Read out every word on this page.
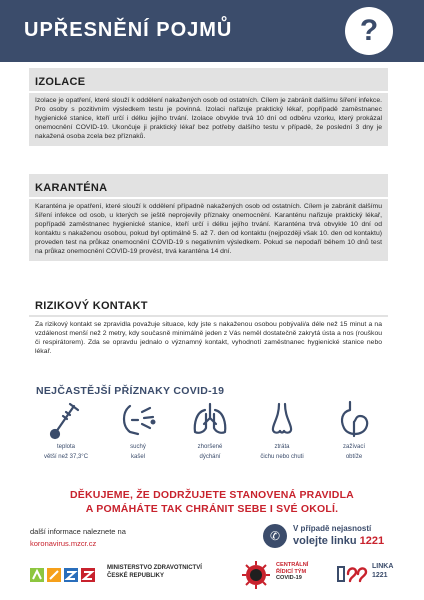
UPŘESNĚNÍ POJMŮ	?
IZOLACE
Izolace je opatření, které slouží k oddělení nakažených osob od ostatních. Cílem je zabránit dalšímu šíření infekce. Pro osoby s pozitivním výsledkem testu je povinná. Izolaci nařizuje praktický lékař, popřípadě zaměstnanec hygienické stanice, kteří určí i délku jejího trvání. Izolace obvykle trvá 10 dní od odběru vzorku, který prokázal onemocnění COVID-19. Ukončuje ji praktický lékař bez potřeby dalšího testu v případě, že poslední 3 dny je nakažená osoba zcela bez příznaků.
KARANTÉNA
Karanténa je opatření, které slouží k oddělení případně nakažených osob od ostatních. Cílem je zabránit dalšímu šíření infekce od osob, u kterých se ještě neprojevily příznaky onemocnění. Karanténu nařizuje praktický lékař, popřípadě zaměstnanec hygienické stanice, kteří určí i délku jejího trvání. Karanténa trvá obvykle 10 dní od kontaktu s nakaženou osobou, pokud byl optimálně 5. až 7. den od kontaktu (nejpozději však 10. den od kontaktu) proveden test na průkaz onemocnění COVID-19 s negativním výsledkem. Pokud se nepodaří během 10 dnů test na průkaz onemocnění COVID-19 provést, trvá karanténa 14 dní.
RIZIKOVÝ KONTAKT
Za rizikový kontakt se zpravidla považuje situace, kdy jste s nakaženou osobou pobývali/a déle než 15 minut a na vzdálenost menší než 2 metry, kdy současně minimálně jeden z Vás neměl dostatečně zakrytá ústa a nos (rouškou či respirátorem). Zda se opravdu jednalo o významný kontakt, vyhodnotí zaměstnanec hygienické stanice nebo lékař.
NEJČASTĚJŠÍ PŘÍZNAKY COVID-19
teplota
větší než 37,3°C
suchý
kašel
zhoršené
dýchání
ztráta
čichu nebo chuti
zažívací
obtíže
DĚKUJEME, ŽE DODRŽUJETE STANOVENÁ PRAVIDLA
A POMÁHÁTE TAK CHRÁNIT SEBE I SVÉ OKOLÍ.
další informace naleznete na
koronavirus.mzcr.cz
✆
V případě nejasností
volejte linku 1221
MINISTERSTVO ZDRAVOTNICTVÍ
ČESKÉ REPUBLIKY
CENTRÁLNÍ
ŘÍDICÍ TÝM
COVID-19
LINKA
1221
